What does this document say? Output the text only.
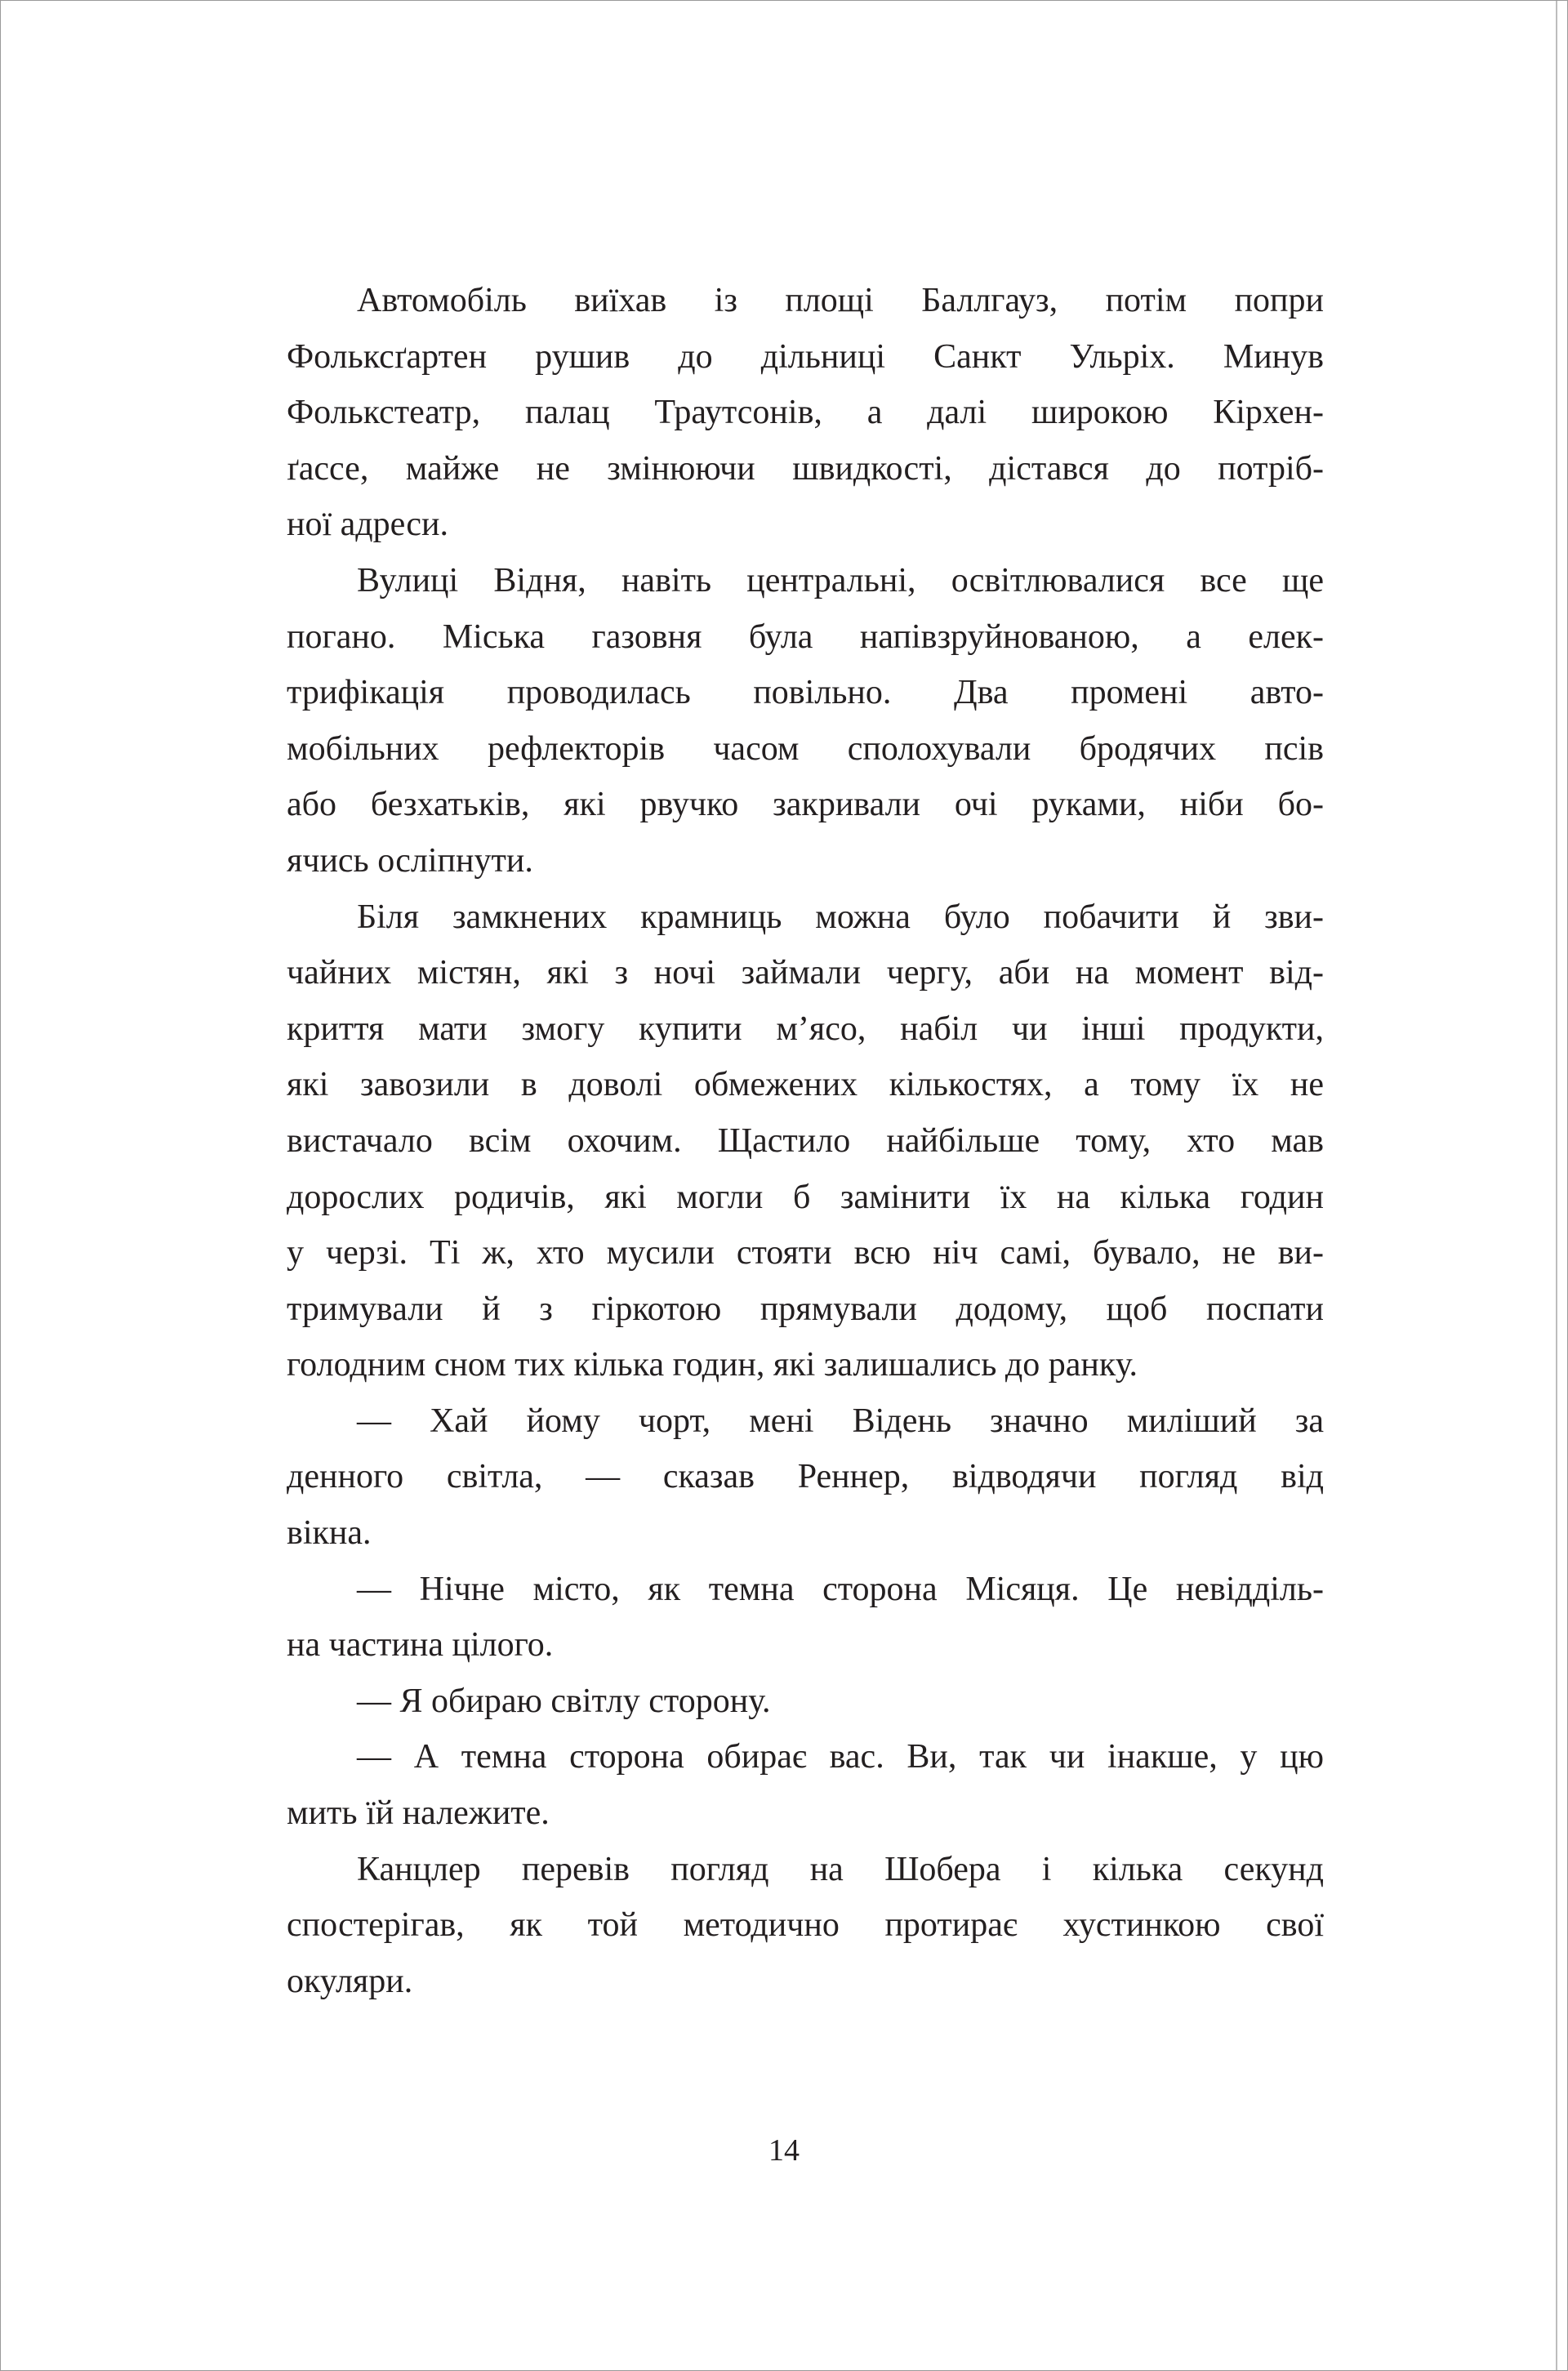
Автомобіль виїхав із площі Баллгауз, потім попри
Фольксґартен рушив до дільниці Санкт Ульріх. Минув
Фолькстеатр, палац Траутсонів, а далі широкою Кірхен-
ґассе, майже не змінюючи швидкості, дістався до потріб-
ної адреси.
Вулиці Відня, навіть центральні, освітлювалися все ще
погано. Міська газовня була напівзруйнованою, а елек-
трифікація проводилась повільно. Два промені авто-
мобільних рефлекторів часом сполохували бродячих псів
або безхатьків, які рвучко закривали очі руками, ніби бо-
ячись осліпнути.
Біля замкнених крамниць можна було побачити й зви-
чайних містян, які з ночі займали чергу, аби на момент від-
криття мати змогу купити м’ясо, набіл чи інші продукти,
які завозили в доволі обмежених кількостях, а тому їх не
вистачало всім охочим. Щастило найбільше тому, хто мав
дорослих родичів, які могли б замінити їх на кілька годин
у черзі. Ті ж, хто мусили стояти всю ніч самі, бувало, не ви-
тримували й з гіркотою прямували додому, щоб поспати
голодним сном тих кілька годин, які залишались до ранку.
— Хай йому чорт, мені Відень значно миліший за
денного світла, — сказав Реннер, відводячи погляд від
вікна.
— Нічне місто, як темна сторона Місяця. Це невідділь-
на частина цілого.
— Я обираю світлу сторону.
— А темна сторона обирає вас. Ви, так чи інакше, у цю
мить їй належите.
Канцлер перевів погляд на Шобера і кілька секунд
спостерігав, як той методично протирає хустинкою свої
окуляри.
14
